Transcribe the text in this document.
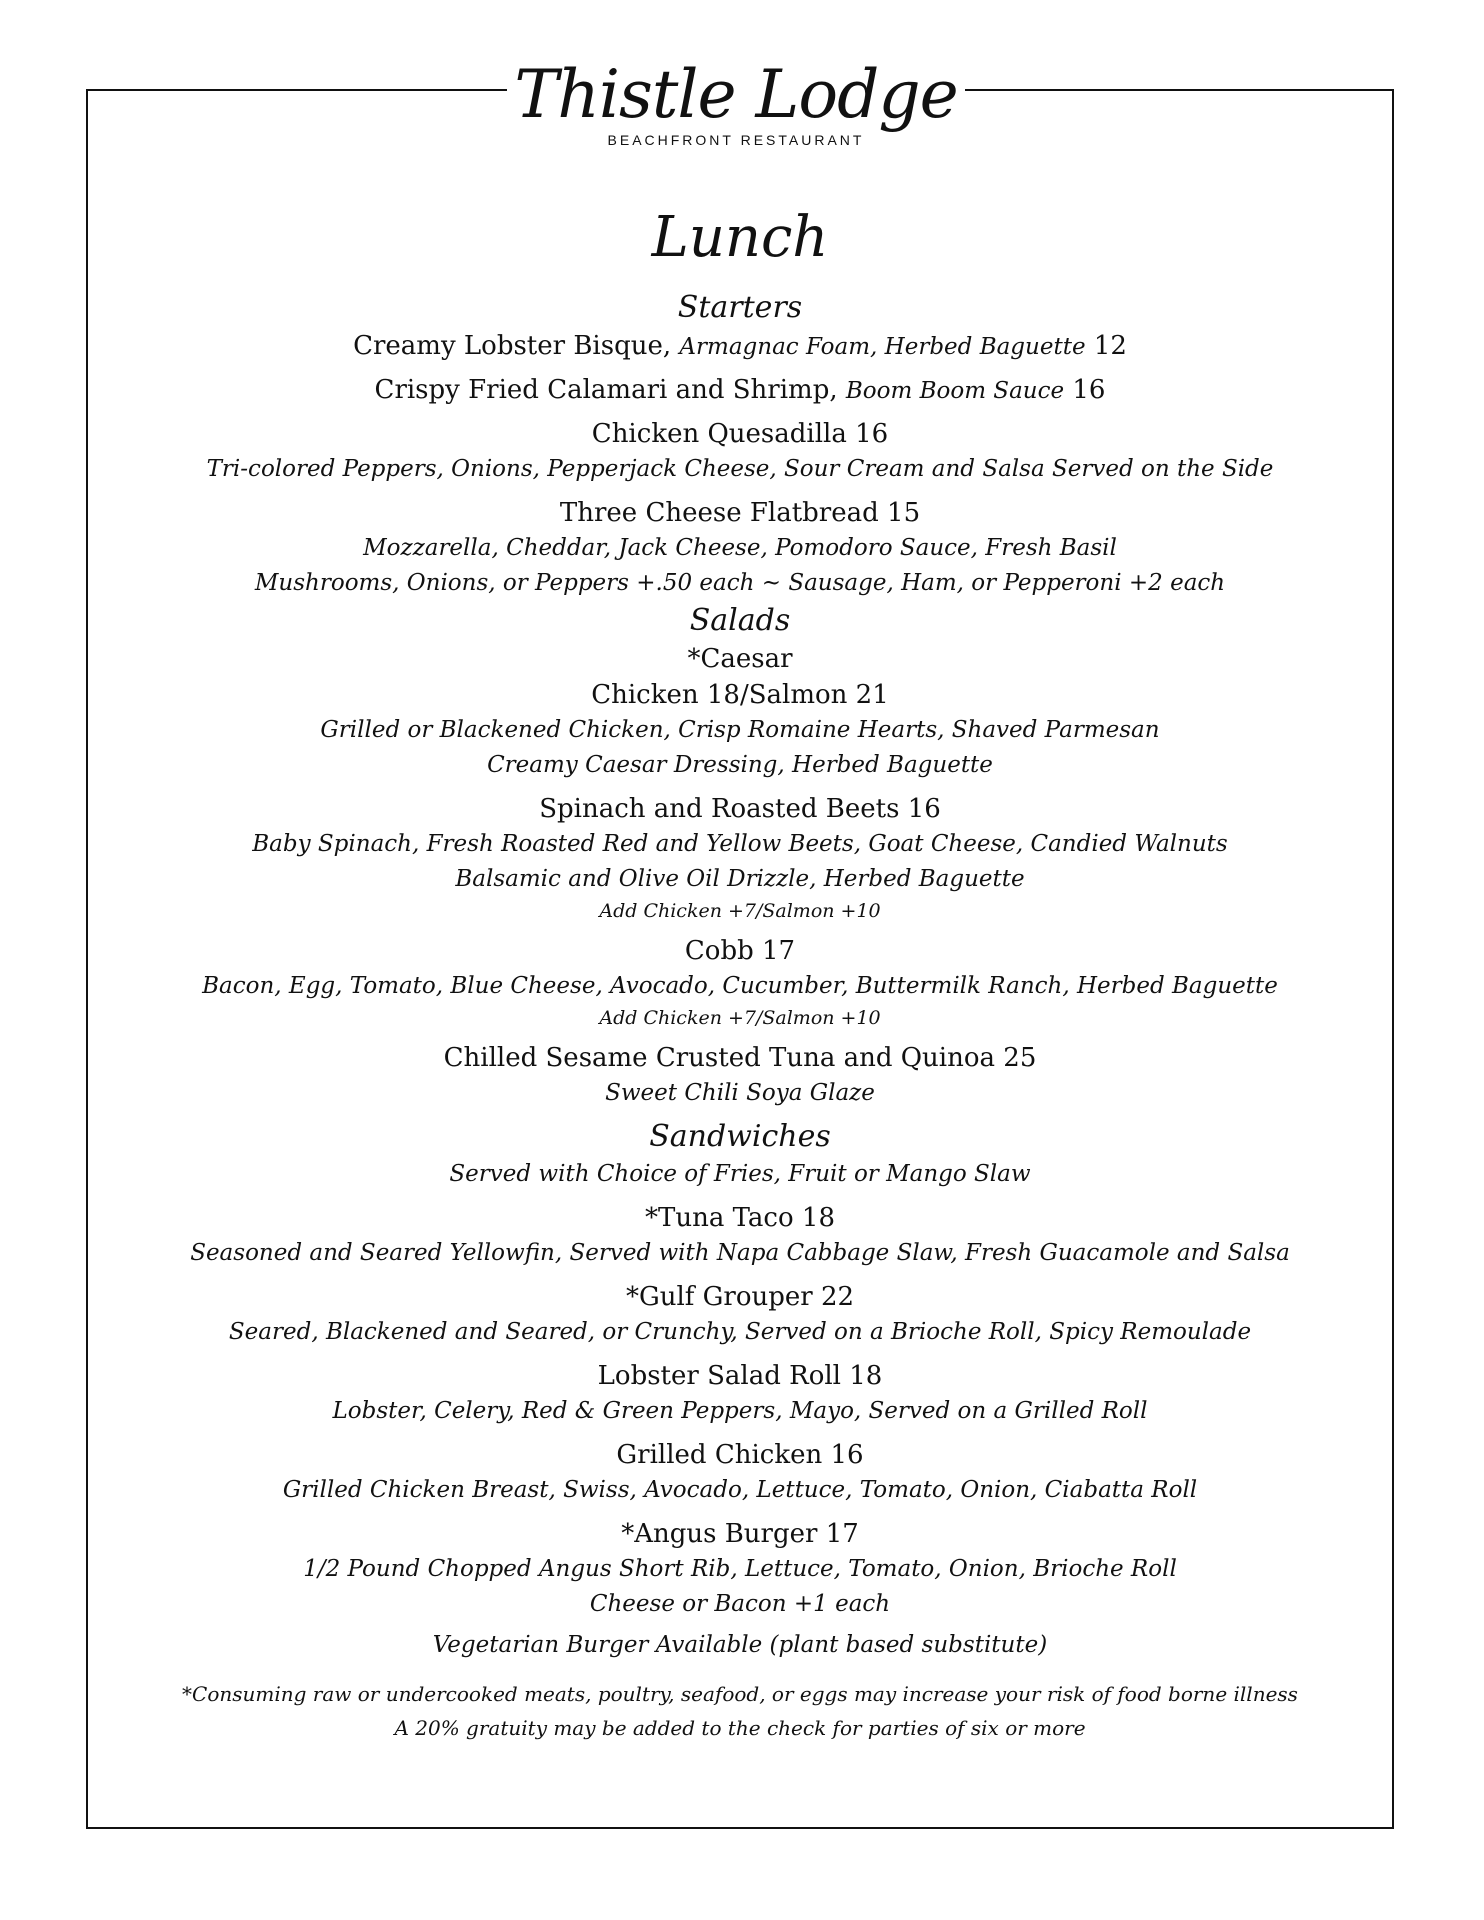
Thistle Lodge
BEACHFRONT RESTAURANT
Lunch
Starters
Creamy Lobster Bisque, Armagnac Foam, Herbed Baguette 12
Crispy Fried Calamari and Shrimp, Boom Boom Sauce 16
Chicken Quesadilla 16
Tri-colored Peppers, Onions, Pepperjack Cheese, Sour Cream and Salsa Served on the Side
Three Cheese Flatbread 15
Mozzarella, Cheddar, Jack Cheese, Pomodoro Sauce, Fresh Basil
Mushrooms, Onions, or Peppers +.50 each ~ Sausage, Ham, or Pepperoni +2 each
Salads
*Caesar
Chicken 18/Salmon 21
Grilled or Blackened Chicken, Crisp Romaine Hearts, Shaved Parmesan
Creamy Caesar Dressing, Herbed Baguette
Spinach and Roasted Beets 16
Baby Spinach, Fresh Roasted Red and Yellow Beets, Goat Cheese, Candied Walnuts
Balsamic and Olive Oil Drizzle, Herbed Baguette
Add Chicken +7/Salmon +10
Cobb 17
Bacon, Egg, Tomato, Blue Cheese, Avocado, Cucumber, Buttermilk Ranch, Herbed Baguette
Add Chicken +7/Salmon +10
Chilled Sesame Crusted Tuna and Quinoa 25
Sweet Chili Soya Glaze
Sandwiches
Served with Choice of Fries, Fruit or Mango Slaw
*Tuna Taco 18
Seasoned and Seared Yellowfin, Served with Napa Cabbage Slaw, Fresh Guacamole and Salsa
*Gulf Grouper 22
Seared, Blackened and Seared, or Crunchy, Served on a Brioche Roll, Spicy Remoulade
Lobster Salad Roll 18
Lobster, Celery, Red & Green Peppers, Mayo, Served on a Grilled Roll
Grilled Chicken 16
Grilled Chicken Breast, Swiss, Avocado, Lettuce, Tomato, Onion, Ciabatta Roll
*Angus Burger 17
1/2 Pound Chopped Angus Short Rib, Lettuce, Tomato, Onion, Brioche Roll
Cheese or Bacon +1 each
Vegetarian Burger Available (plant based substitute)
*Consuming raw or undercooked meats, poultry, seafood, or eggs may increase your risk of food borne illness
A 20% gratuity may be added to the check for parties of six or more
